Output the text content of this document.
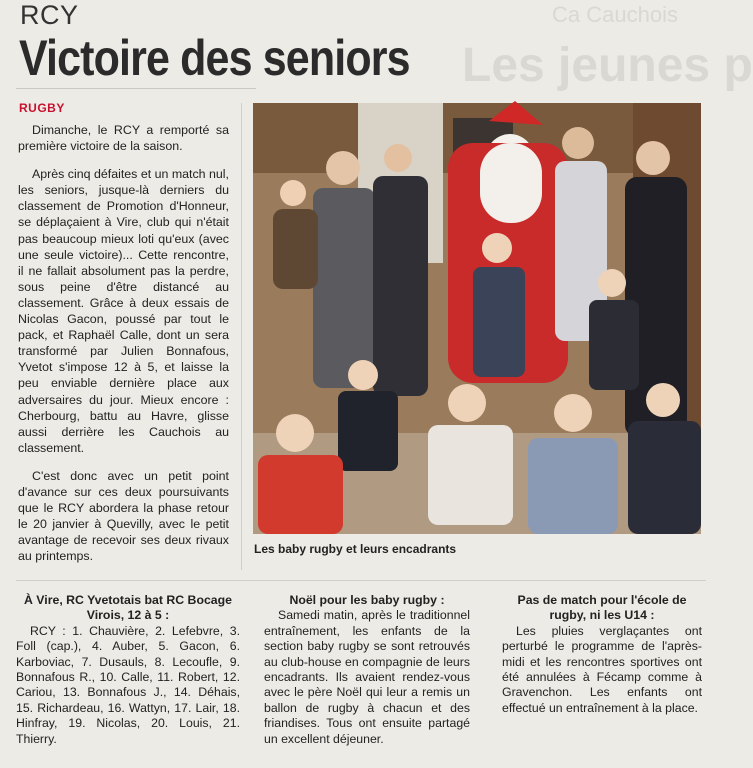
Ca Cauchois
Les jeunes p
RCY
Victoire des seniors
RUGBY

Dimanche, le RCY a remporté sa première victoire de la saison.

Après cinq défaites et un match nul, les seniors, jusque-là derniers du classement de Promotion d'Honneur, se déplaçaient à Vire, club qui n'était pas beaucoup mieux loti qu'eux (avec une seule victoire)... Cette rencontre, il ne fallait absolument pas la perdre, sous peine d'être distancé au classement. Grâce à deux essais de Nicolas Gacon, poussé par tout le pack, et Raphaël Calle, dont un sera transformé par Julien Bonnafous, Yvetot s'impose 12 à 5, et laisse la peu enviable dernière place aux adversaires du jour. Mieux encore : Cherbourg, battu au Havre, glisse aussi derrière les Cauchois au classement.

C'est donc avec un petit point d'avance sur ces deux poursuivants que le RCY abordera la phase retour le 20 janvier à Quevilly, avec le petit avantage de recevoir ses deux rivaux au printemps.

Les baby rugby et leurs encadrants
À Vire, RC Yvetotais bat RC Bocage Virois, 12 à 5 :
RCY : 1. Chauvière, 2. Lefebvre, 3. Foll (cap.), 4. Auber, 5. Gacon, 6. Karboviac, 7. Dusauls, 8. Lecoufle, 9. Bonnafous R., 10. Calle, 11. Robert, 12. Cariou, 13. Bonnafous J., 14. Déhais, 15. Richardeau, 16. Wattyn, 17. Lair, 18. Hinfray, 19. Nicolas, 20. Louis, 21. Thierry.
Noël pour les baby rugby :
Samedi matin, après le traditionnel entraînement, les enfants de la section baby rugby se sont retrouvés au club-house en compagnie de leurs encadrants. Ils avaient rendez-vous avec le père Noël qui leur a remis un ballon de rugby à chacun et des friandises. Tous ont ensuite partagé un excellent déjeuner.
Pas de match pour l'école de rugby, ni les U14 :
Les pluies verglaçantes ont perturbé le programme de l'après-midi et les rencontres sportives ont été annulées à Fécamp comme à Gravenchon. Les enfants ont effectué un entraînement à la place.
